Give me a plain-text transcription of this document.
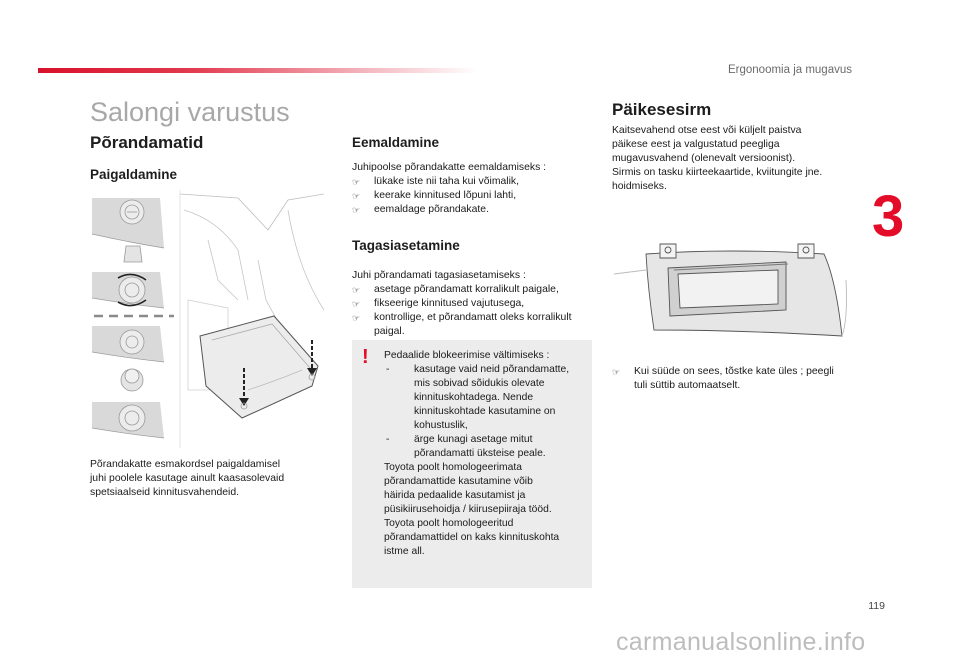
Ergonoomia ja mugavus
3
Salongi varustus
Põrandamatid
Paigaldamine
Põrandakatte esmakordsel paigaldamisel
juhi poolele kasutage ainult kaasasolevaid
spetsiaalseid kinnitusvahendeid.
Eemaldamine
Juhipoolse põrandakatte eemaldamiseks :
☞ lükake iste nii taha kui võimalik,
☞ keerake kinnitused lõpuni lahti,
☞ eemaldage põrandakate.
Tagasiasetamine
Juhi põrandamati tagasiasetamiseks :
☞ asetage põrandamatt korralikult paigale,
☞ fikseerige kinnitused vajutusega,
☞ kontrollige, et põrandamatt oleks korralikult
paigal.
! Pedaalide blokeerimise vältimiseks :
- kasutage vaid neid põrandamatte,
mis sobivad sõidukis olevate
kinnituskohtadega. Nende
kinnituskohtade kasutamine on
kohustuslik,
- ärge kunagi asetage mitut
põrandamatti üksteise peale.
Toyota poolt homologeerimata
põrandamattide kasutamine võib
häirida pedaalide kasutamist ja
püsikiirusehoidja / kiirusepiiraja tööd.
Toyota poolt homologeeritud
põrandamattidel on kaks kinnituskohta
istme all.
Päikesesirm
Kaitsevahend otse eest või küljelt paistva
päikese eest ja valgustatud peegliga
mugavusvahend (olenevalt versioonist).
Sirmis on tasku kiirteekaartide, kviitungite jne.
hoidmiseks.
☞ Kui süüde on sees, tõstke kate üles ; peegli
tuli süttib automaatselt.
119
carmanualsonline.info
